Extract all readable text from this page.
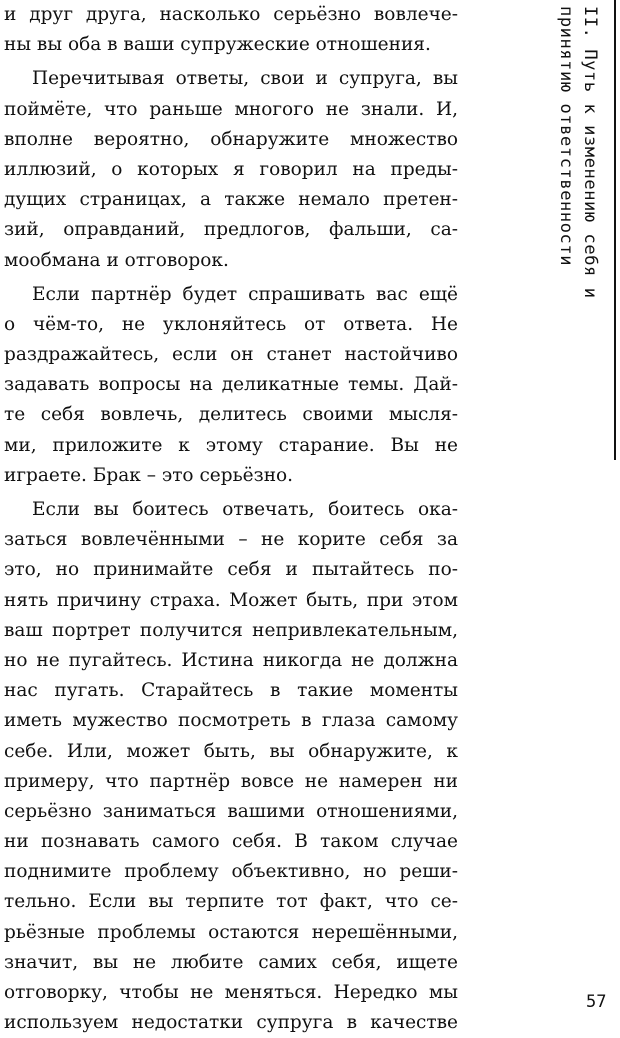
и друг друга, насколько серьёзно вовлече-
ны вы оба в ваши супружеские отношения.
Перечитывая ответы, свои и супруга, вы
поймёте, что раньше многого не знали. И,
вполне вероятно, обнаружите множество
иллюзий, о которых я говорил на преды-
дущих страницах, а также немало претен-
зий, оправданий, предлогов, фальши, са-
мообмана и отговорок.
Если партнёр будет спрашивать вас ещё
о чём-то, не уклоняйтесь от ответа. Не
раздражайтесь, если он станет настойчиво
задавать вопросы на деликатные темы. Дай-
те себя вовлечь, делитесь своими мысля-
ми, приложите к этому старание. Вы не
играете. Брак – это серьёзно.
Если вы боитесь отвечать, боитесь ока-
заться вовлечёнными – не корите себя за
это, но принимайте себя и пытайтесь по-
нять причину страха. Может быть, при этом
ваш портрет получится непривлекательным,
но не пугайтесь. Истина никогда не должна
нас пугать. Старайтесь в такие моменты
иметь мужество посмотреть в глаза самому
себе. Или, может быть, вы обнаружите, к
примеру, что партнёр вовсе не намерен ни
серьёзно заниматься вашими отношениями,
ни познавать самого себя. В таком случае
поднимите проблему объективно, но реши-
тельно. Если вы терпите тот факт, что се-
рьёзные проблемы остаются нерешёнными,
значит, вы не любите самих себя, ищете
отговорку, чтобы не меняться. Нередко мы
используем недостатки супруга в качестве
II. Путь к изменению себя и
принятию ответственности
57
